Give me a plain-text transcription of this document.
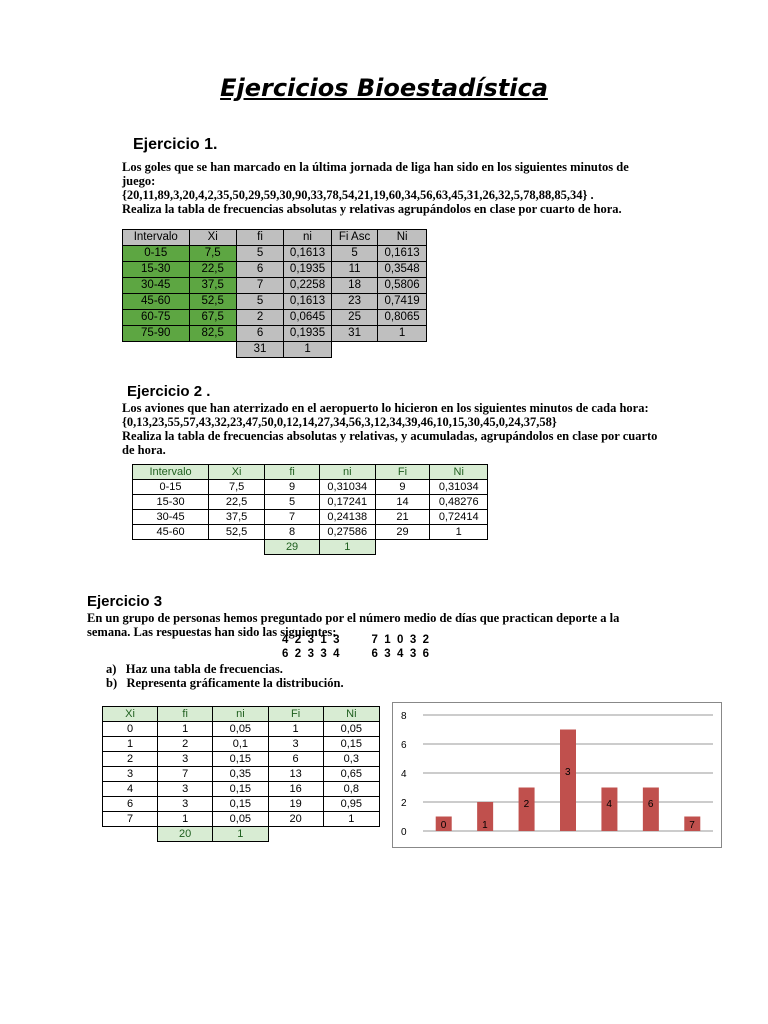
Ejercicios Bioestadística
Ejercicio 1.
Los goles que se han marcado en la última jornada de liga han sido en los siguientes minutos de
juego:
{20,11,89,3,20,4,2,35,50,29,59,30,90,33,78,54,21,19,60,34,56,63,45,31,26,32,5,78,88,85,34} .
Realiza la tabla de frecuencias absolutas y relativas agrupándolos en clase por cuarto de hora.
Intervalo	Xi	fi	ni	Fi Asc	Ni
0-15	7,5	5	0,1613	5	0,1613
15-30	22,5	6	0,1935	11	0,3548
30-45	37,5	7	0,2258	18	0,5806
45-60	52,5	5	0,1613	23	0,7419
60-75	67,5	2	0,0645	25	0,8065
75-90	82,5	6	0,1935	31	1
		31	1		
Ejercicio 2 .
Los aviones que han aterrizado en el aeropuerto lo hicieron en los siguientes minutos de cada hora:
{0,13,23,55,57,43,32,23,47,50,0,12,14,27,34,56,3,12,34,39,46,10,15,30,45,0,24,37,58}
Realiza la tabla de frecuencias absolutas y relativas, y acumuladas, agrupándolos en clase por cuarto
de hora.
Intervalo	Xi	fi	ni	Fi	Ni
0-15	7,5	9	0,31034	9	0,31034
15-30	22,5	5	0,17241	14	0,48276
30-45	37,5	7	0,24138	21	0,72414
45-60	52,5	8	0,27586	29	1
		29	1		
Ejercicio 3
En un grupo de personas hemos preguntado por el número medio de días que practican deporte a la
semana. Las respuestas han sido las siguientes:
4  2  3  1  3          7  1  0  3  2
6  2  3  3  4          6  3  4  3  6
a)   Haz una tabla de frecuencias.
b)   Representa gráficamente la distribución.
Xi	fi	ni	Fi	Ni
0	1	0,05	1	0,05
1	2	0,1	3	0,15
2	3	0,15	6	0,3
3	7	0,35	13	0,65
4	3	0,15	16	0,8
6	3	0,15	19	0,95
7	1	0,05	20	1
	20	1			0
2
4
6
8
0	1
2
3
4	6
7
